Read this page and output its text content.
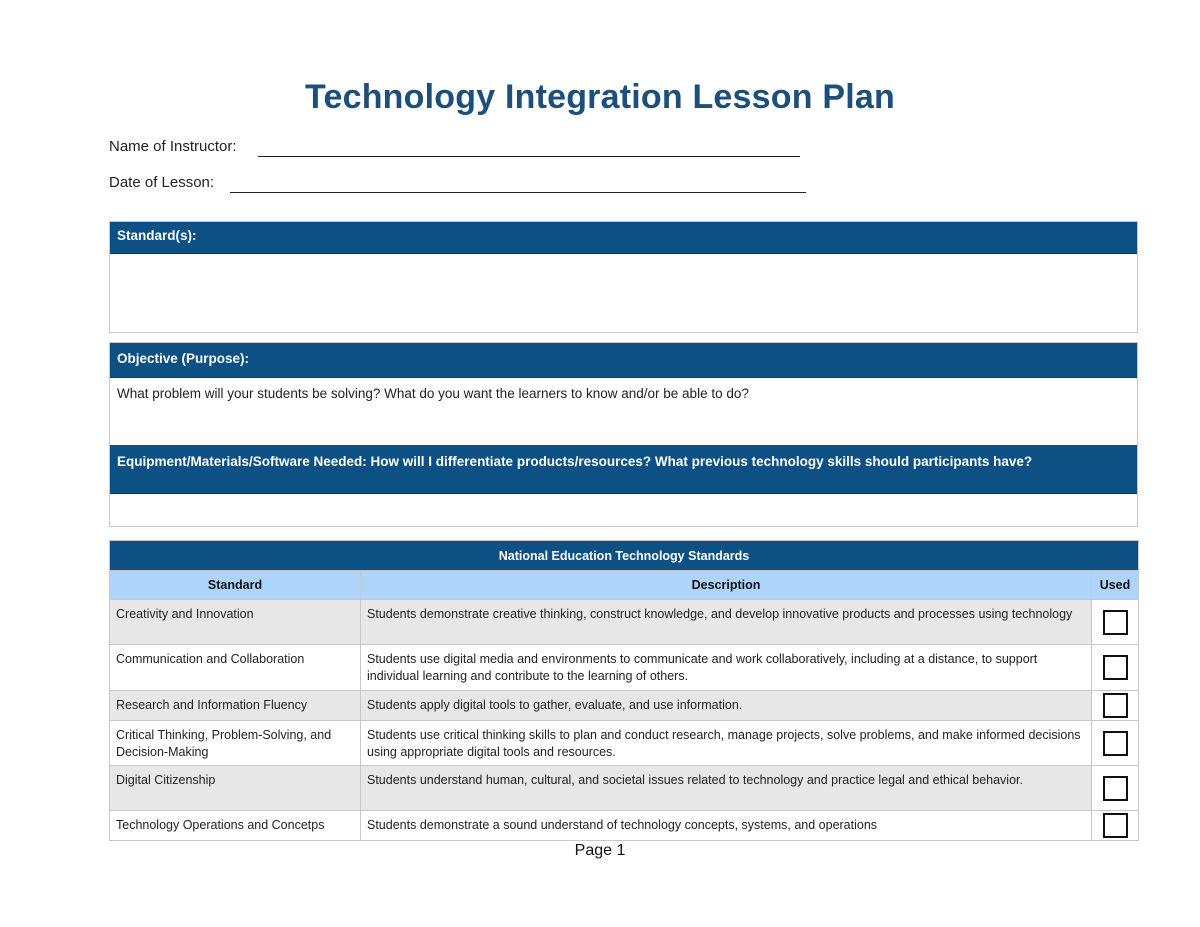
Technology Integration Lesson Plan
Name of Instructor:
Date of Lesson:
Standard(s):
Objective (Purpose):
What problem will your students be solving? What do you want the learners to know and/or be able to do?
Equipment/Materials/Software Needed: How will I differentiate products/resources? What previous technology skills should participants have?
National Education Technology Standards		
Standard	Description	Used
Creativity and Innovation	Students demonstrate creative thinking, construct knowledge, and develop innovative products and processes using technology	
Communication and Collaboration	Students use digital media and environments to communicate and work collaboratively, including at a distance, to support individual learning and contribute to the learning of others.	
Research and Information Fluency	Students apply digital tools to gather, evaluate, and use information.	
Critical Thinking, Problem-Solving, and Decision-Making	Students use critical thinking skills to plan and conduct research, manage projects, solve problems, and make informed decisions using appropriate digital tools and resources.	
Digital Citizenship	Students understand human, cultural, and societal issues related to technology and practice legal and ethical behavior.	
Technology Operations and Concetps	Students demonstrate a sound understand of technology concepts, systems, and operations	
Page 1
